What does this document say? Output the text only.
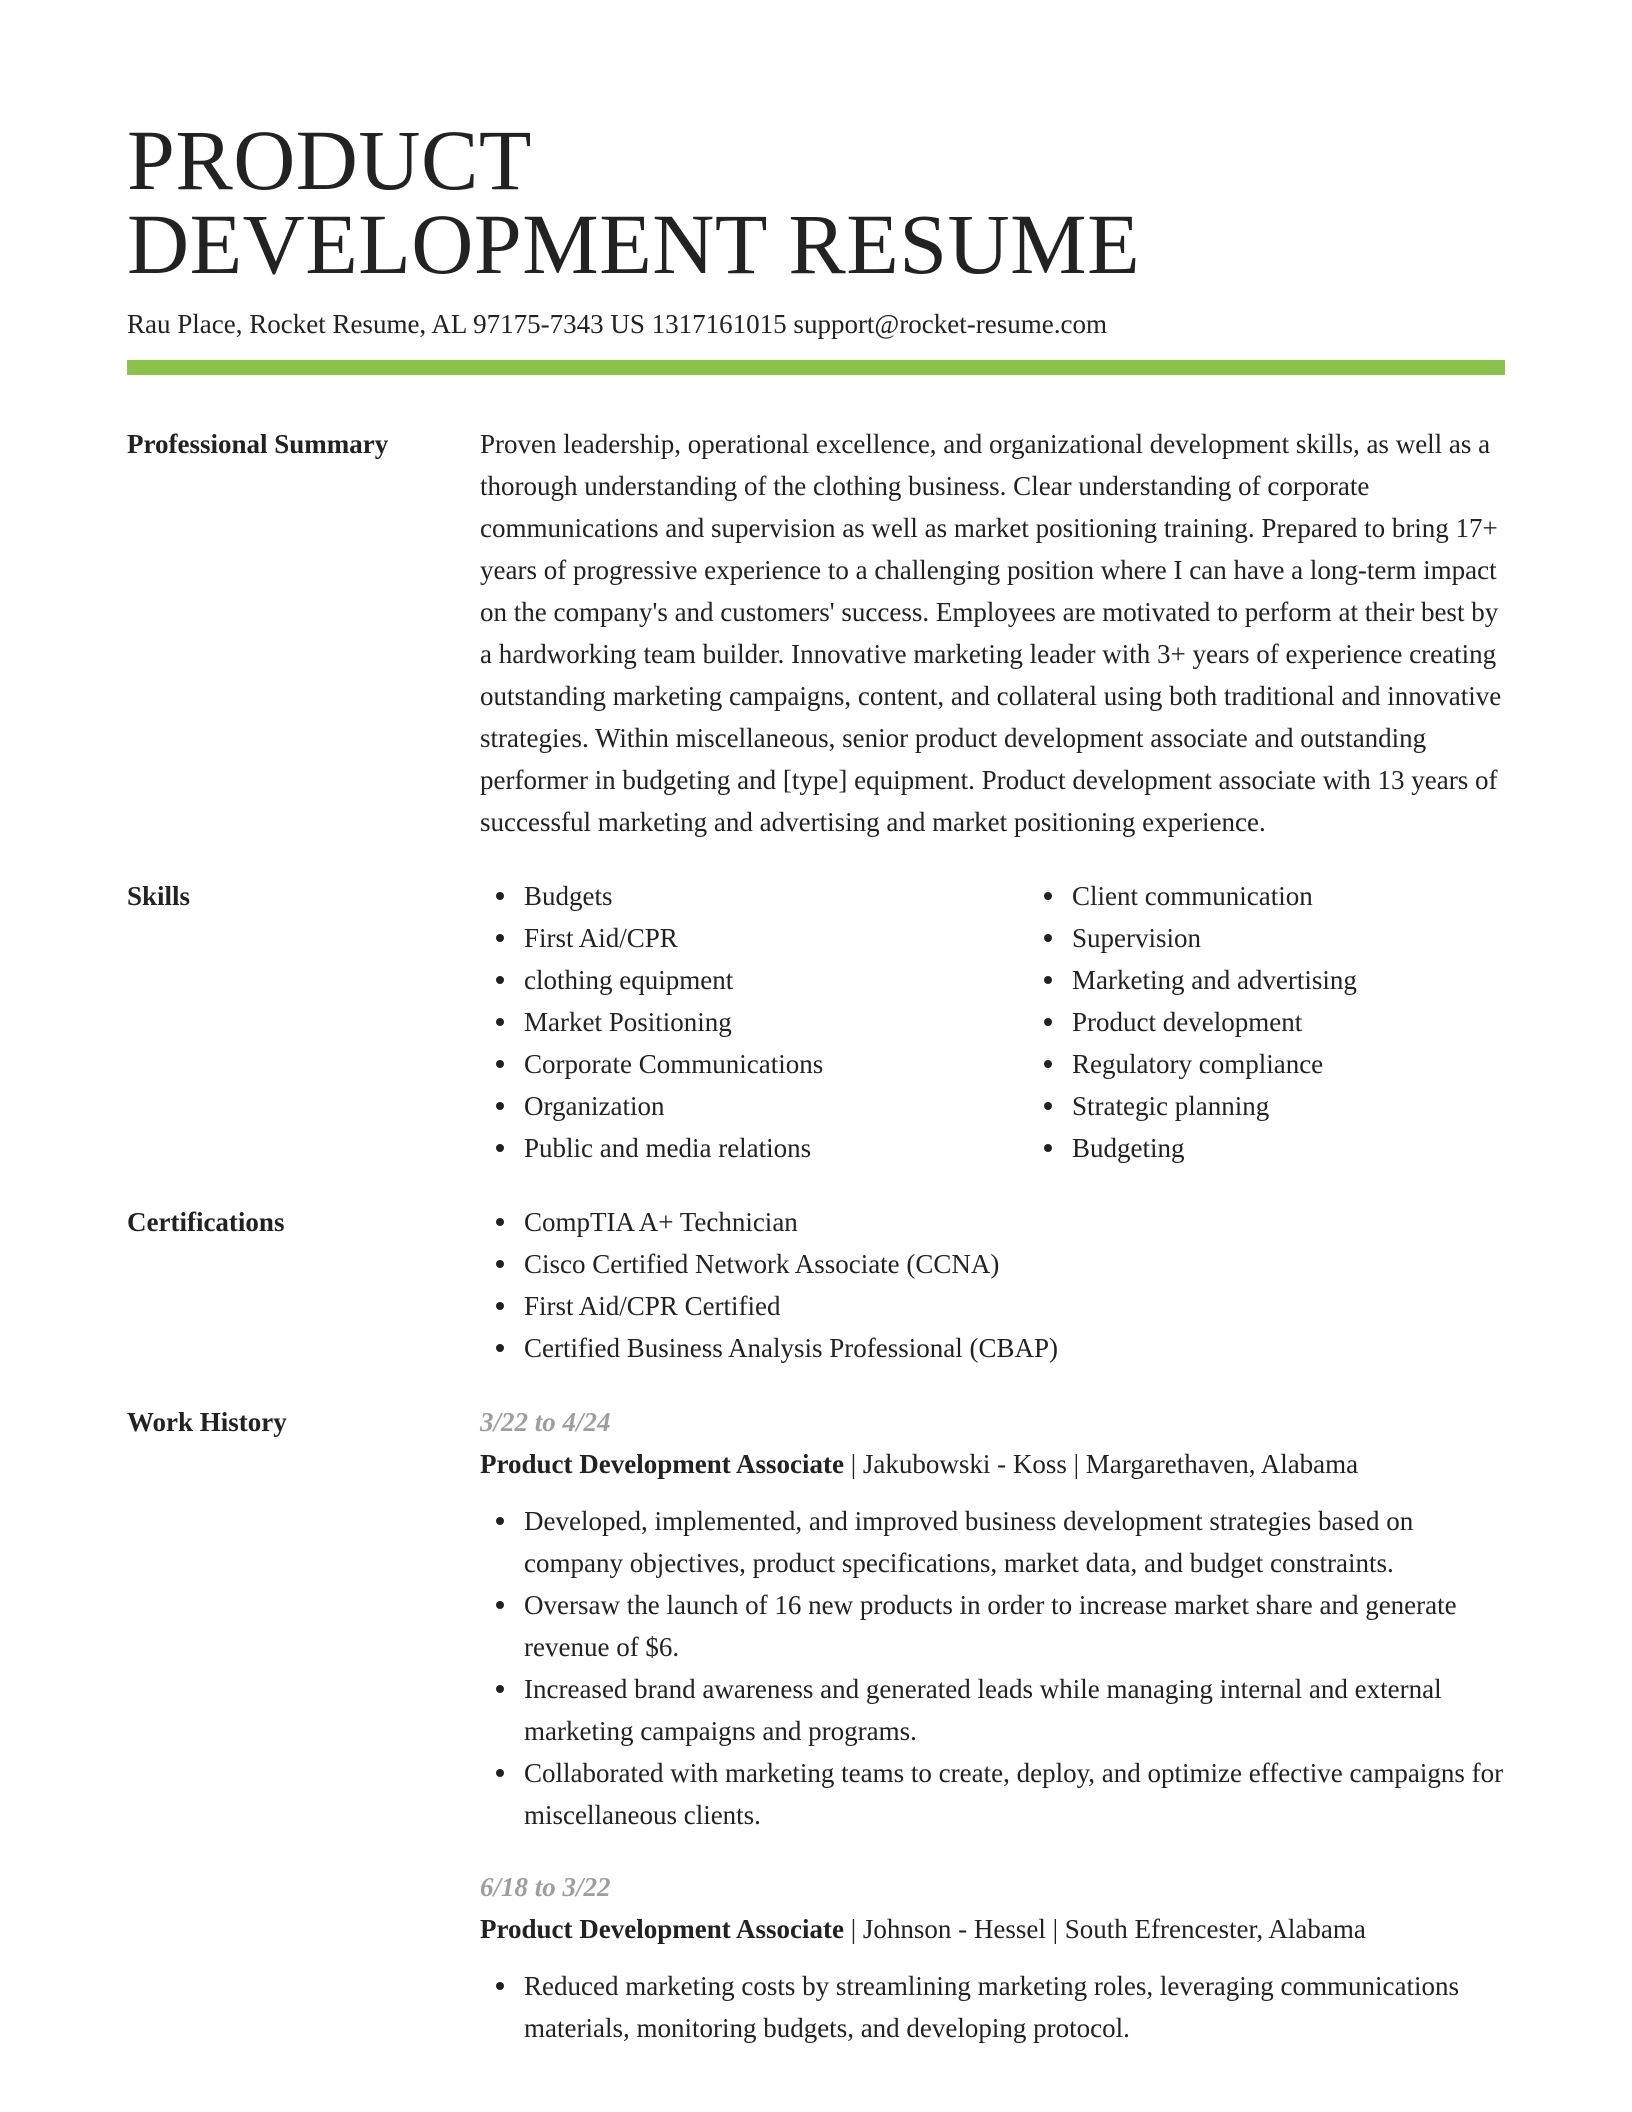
PRODUCT
DEVELOPMENT RESUME
Rau Place, Rocket Resume, AL 97175-7343 US 1317161015 support@rocket-resume.com
Professional Summary	Proven leadership, operational excellence, and organizational development skills, as well as a thorough understanding of the clothing business. Clear understanding of corporate communications and supervision as well as market positioning training. Prepared to bring 17+ years of progressive experience to a challenging position where I can have a long-term impact on the company's and customers' success. Employees are motivated to perform at their best by a hardworking team builder. Innovative marketing leader with 3+ years of experience creating outstanding marketing campaigns, content, and collateral using both traditional and innovative strategies. Within miscellaneous, senior product development associate and outstanding performer in budgeting and [type] equipment. Product development associate with 13 years of successful marketing and advertising and market positioning experience.

Skills	Budgets
First Aid/CPR
clothing equipment
Market Positioning
Corporate Communications
Organization
Public and media relations
Client communication
Supervision
Marketing and advertising
Product development
Regulatory compliance
Strategic planning
Budgeting
Certifications	CompTIA A+ Technician
Cisco Certified Network Associate (CCNA)
First Aid/CPR Certified
Certified Business Analysis Professional (CBAP)
Work History	3/22 to 4/24

Product Development Associate | Jakubowski - Koss | Margarethaven, Alabama

Developed, implemented, and improved business development strategies based on company objectives, product specifications, market data, and budget constraints.
Oversaw the launch of 16 new products in order to increase market share and generate revenue of $6.
Increased brand awareness and generated leads while managing internal and external marketing campaigns and programs.
Collaborated with marketing teams to create, deploy, and optimize effective campaigns for miscellaneous clients.
6/18 to 3/22

Product Development Associate | Johnson - Hessel | South Efrencester, Alabama

Reduced marketing costs by streamlining marketing roles, leveraging communications materials, monitoring budgets, and developing protocol.
